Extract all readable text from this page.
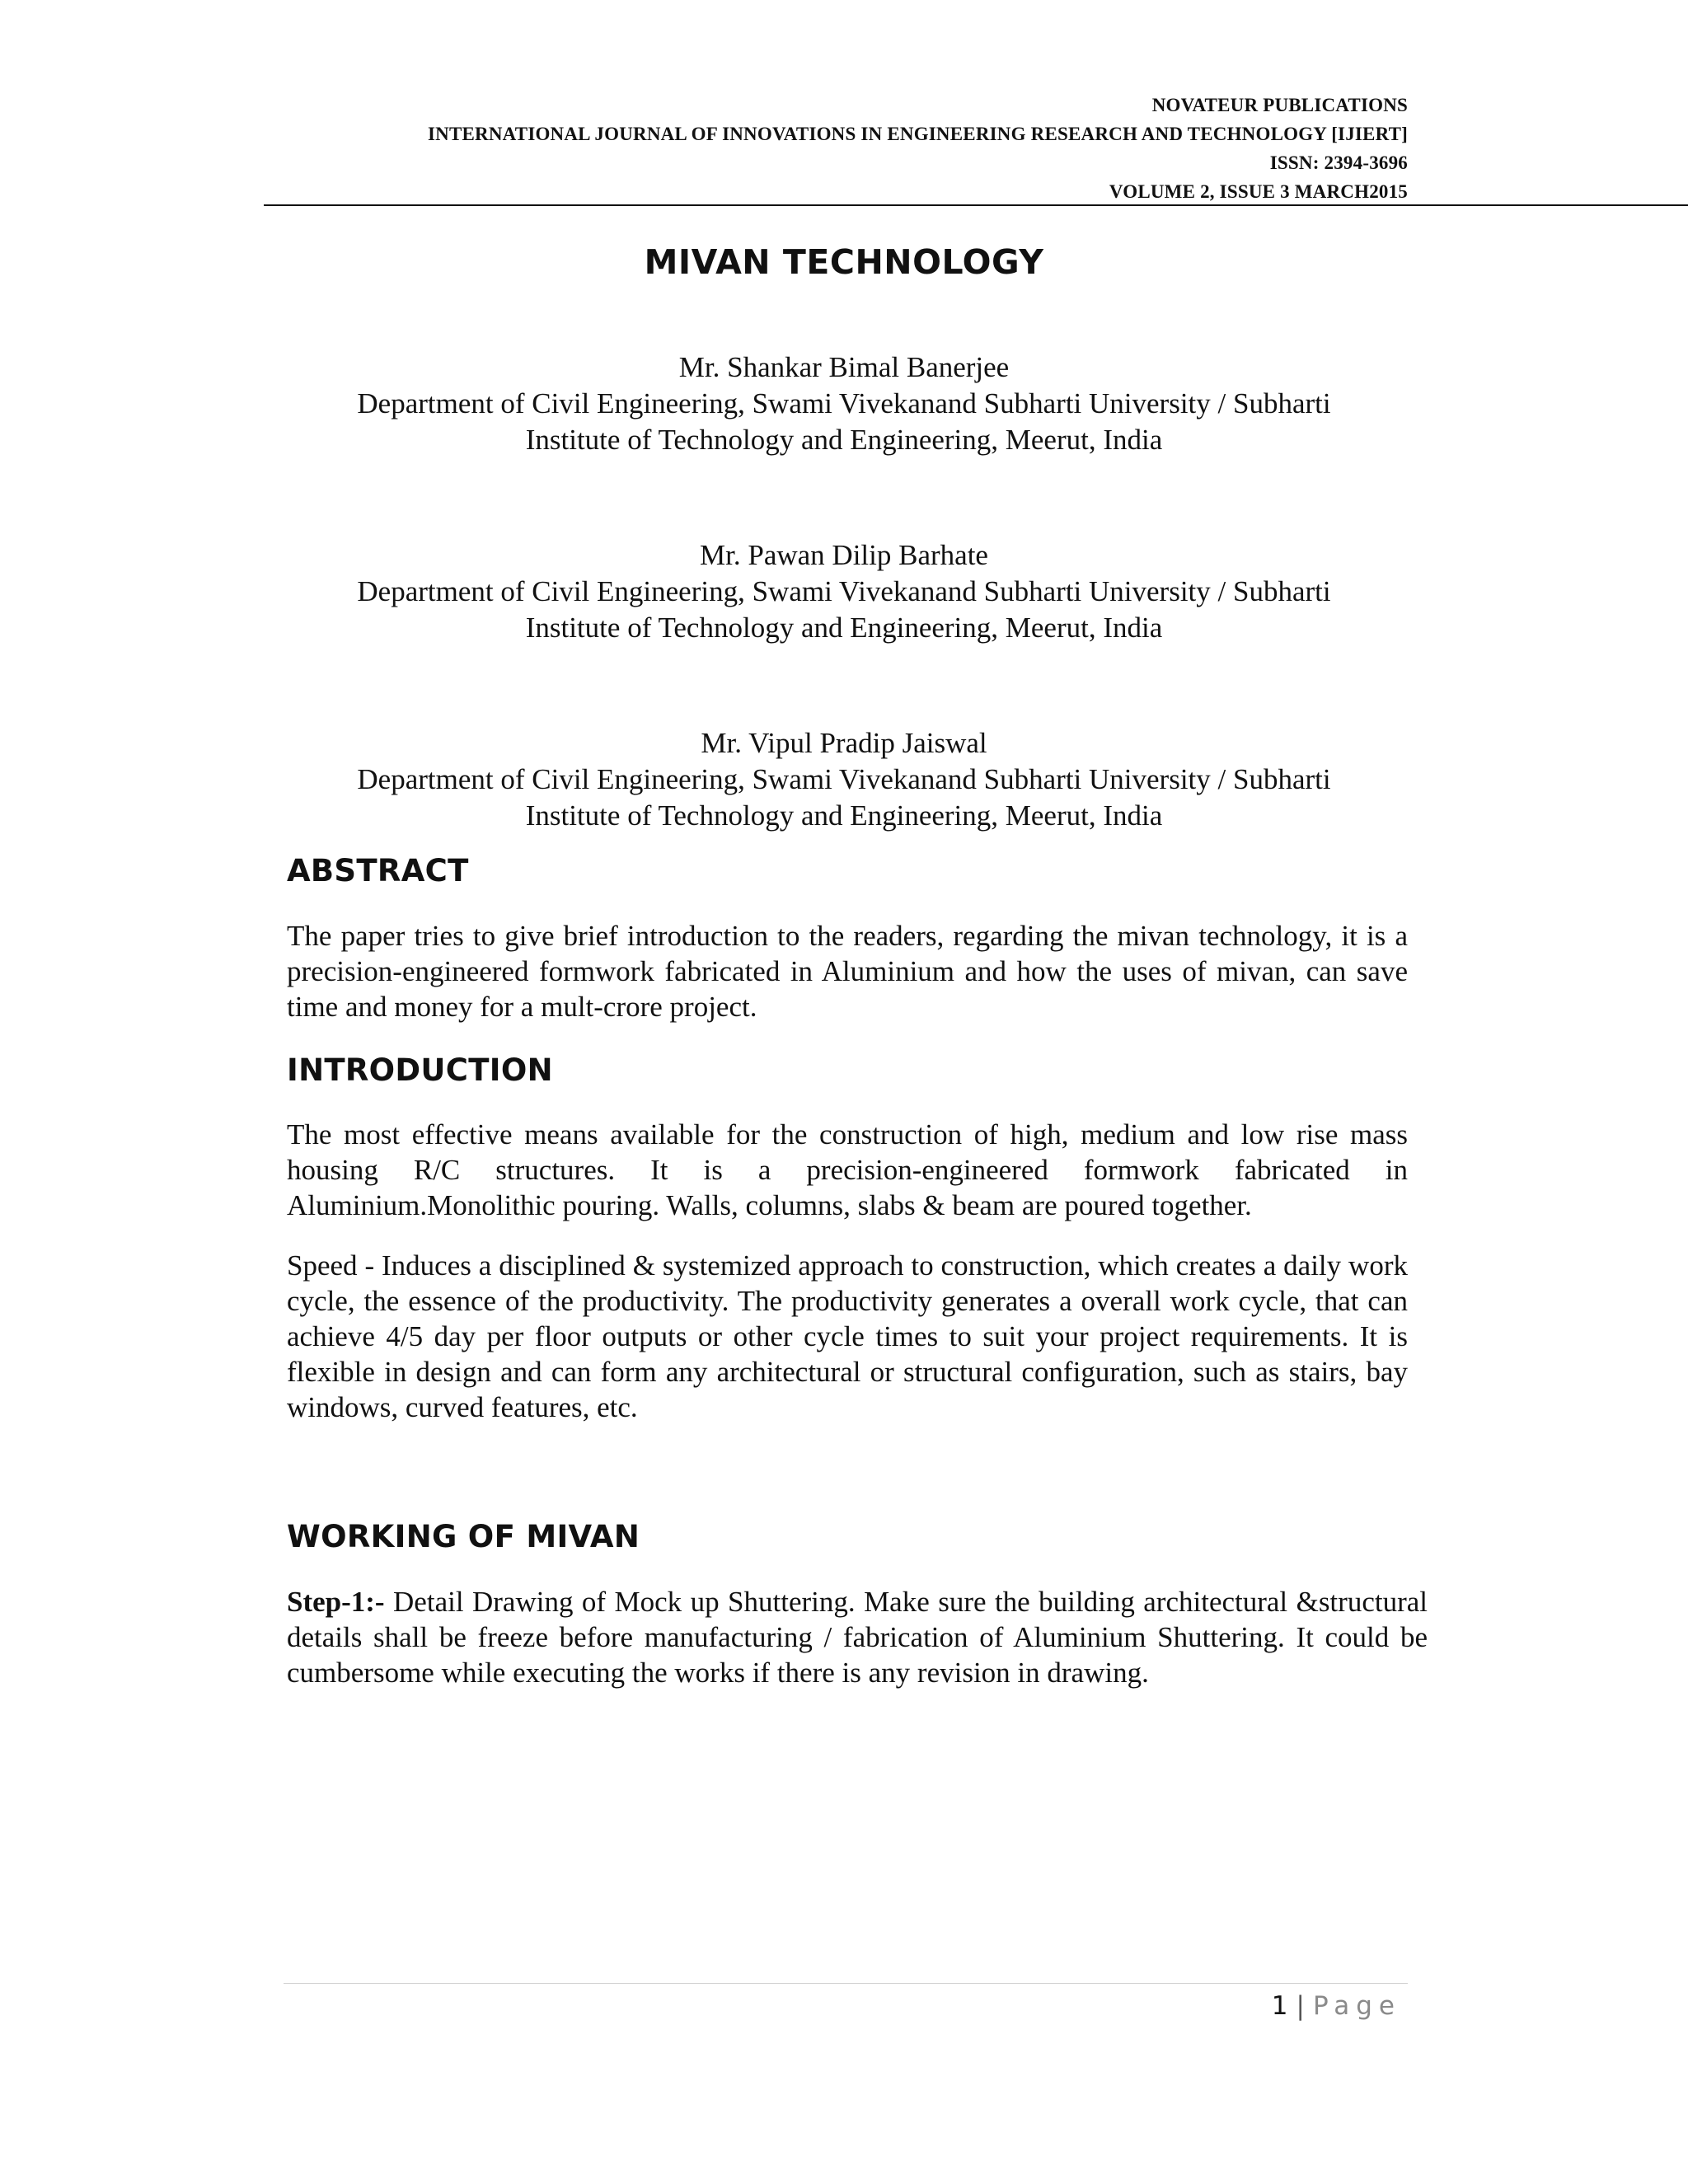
NOVATEUR PUBLICATIONS
INTERNATIONAL JOURNAL OF INNOVATIONS IN ENGINEERING RESEARCH AND TECHNOLOGY [IJIERT]
ISSN: 2394-3696
VOLUME 2, ISSUE 3 MARCH2015
MIVAN TECHNOLOGY
Mr. Shankar Bimal Banerjee
Department of Civil Engineering, Swami Vivekanand Subharti University / Subharti
Institute of Technology and Engineering, Meerut, India
Mr. Pawan Dilip Barhate
Department of Civil Engineering, Swami Vivekanand Subharti University / Subharti
Institute of Technology and Engineering, Meerut, India
Mr. Vipul Pradip Jaiswal
Department of Civil Engineering, Swami Vivekanand Subharti University / Subharti
Institute of Technology and Engineering, Meerut, India
ABSTRACT

The paper tries to give brief introduction to the readers, regarding the mivan technology, it is a precision-engineered formwork fabricated in Aluminium and how the uses of mivan, can save time and money for a mult-crore project.

INTRODUCTION

The most effective means available for the construction of high, medium and low rise mass housing R/C structures. It is a precision-engineered formwork fabricated in Aluminium.Monolithic pouring. Walls, columns, slabs & beam are poured together.

Speed - Induces a disciplined & systemized approach to construction, which creates a daily work cycle, the essence of the productivity. The productivity generates a overall work cycle, that can achieve 4/5 day per floor outputs or other cycle times to suit your project requirements. It is flexible in design and can form any architectural or structural configuration, such as stairs, bay windows, curved features, etc.

WORKING OF MIVAN

Step-1:- Detail Drawing of Mock up Shuttering. Make sure the building architectural &structural details shall be freeze before manufacturing / fabrication of Aluminium Shuttering. It could be cumbersome while executing the works if there is any revision in drawing.

1 | Page
